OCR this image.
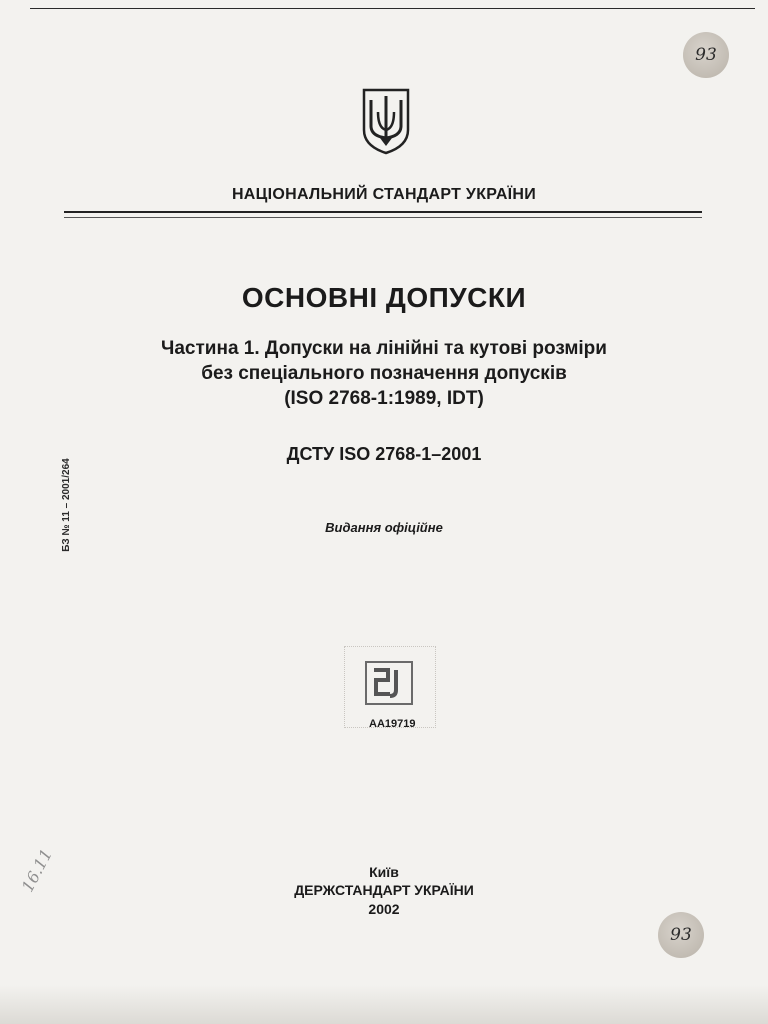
93
НАЦІОНАЛЬНИЙ СТАНДАРТ УКРАЇНИ
ОСНОВНІ ДОПУСКИ
Частина 1. Допуски на лінійні та кутові розміри
без спеціального позначення допусків
(ISO 2768-1:1989, IDT)
ДСТУ ISO 2768-1–2001
Видання офіційне
БЗ № 11 – 2001/264
AA19719
16.11	Київ
ДЕРЖСТАНДАРТ УКРАЇНИ
2002
93
